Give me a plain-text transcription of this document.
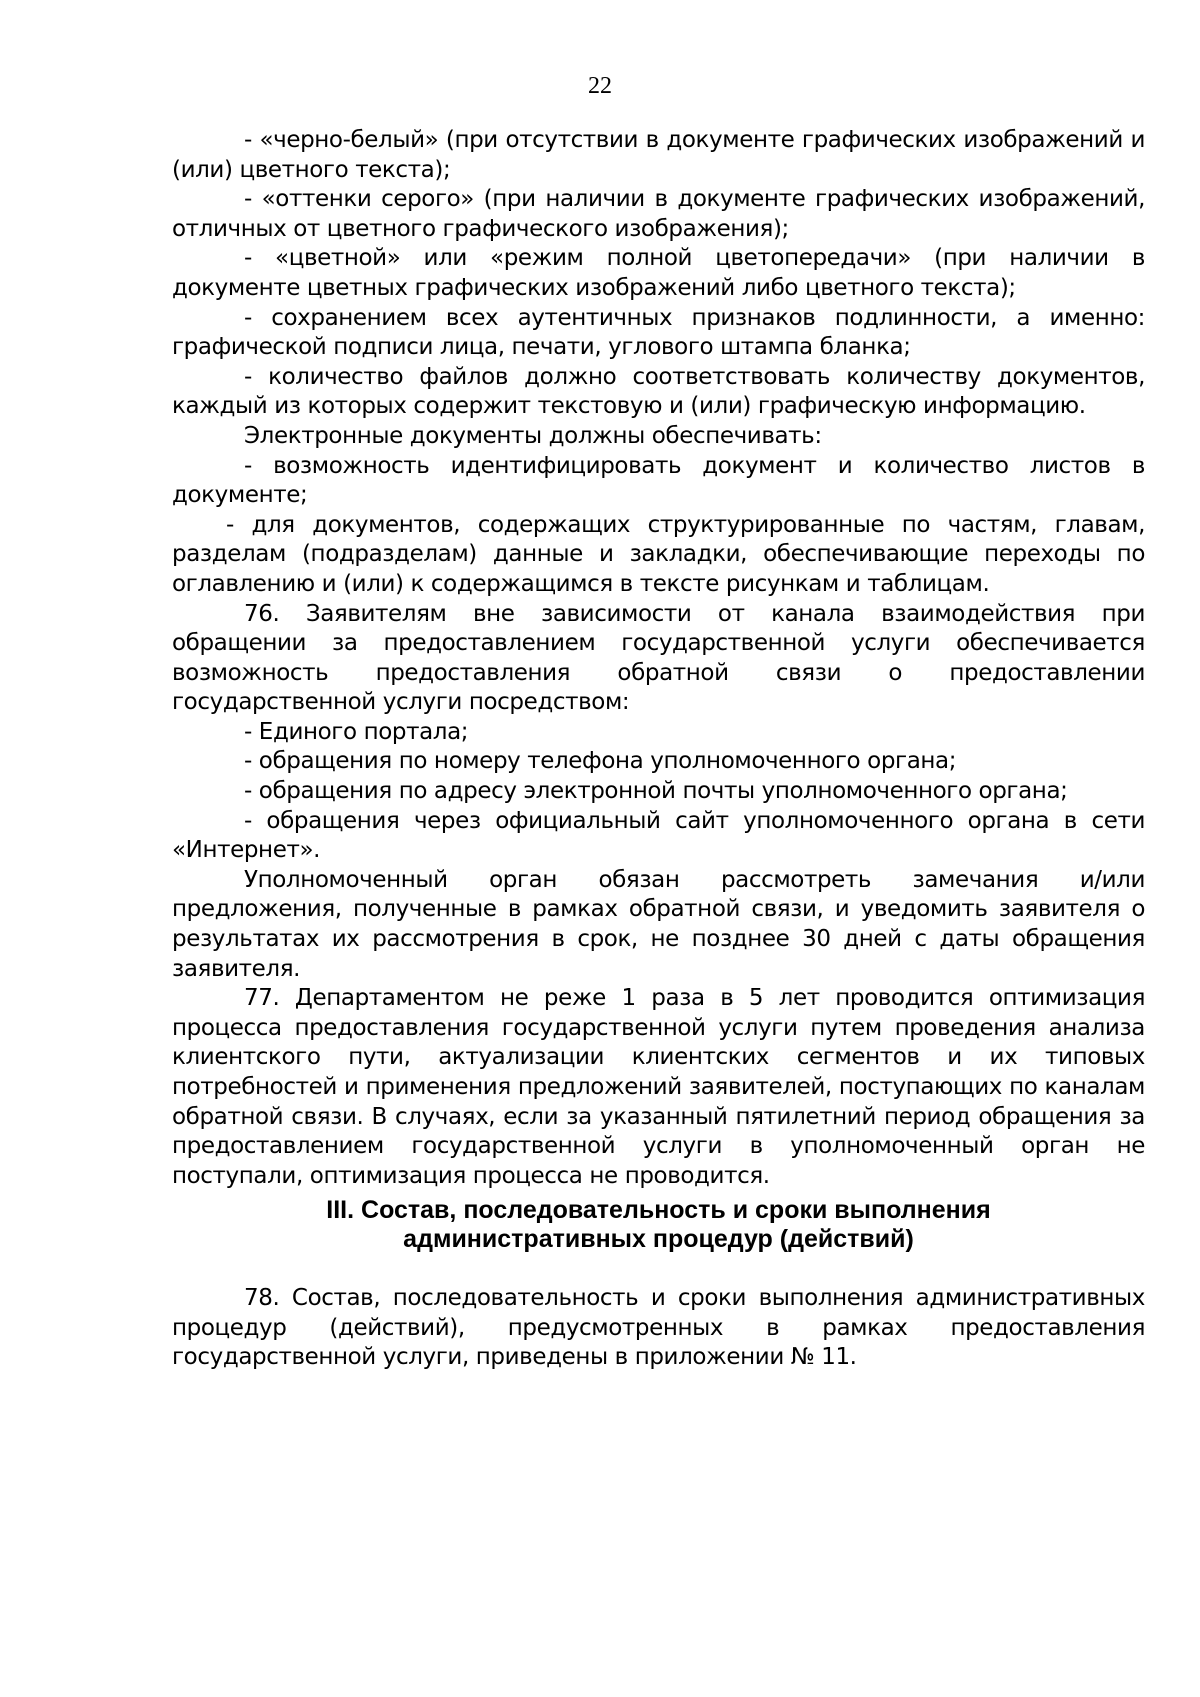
22

- «черно-белый» (при отсутствии в документе графических изображений и (или) цветного текста);

- «оттенки серого» (при наличии в документе графических изображений, отличных от цветного графического изображения);

- «цветной» или «режим полной цветопередачи» (при наличии в документе цветных графических изображений либо цветного текста);

- сохранением всех аутентичных признаков подлинности, а именно: графической подписи лица, печати, углового штампа бланка;

- количество файлов должно соответствовать количеству документов, каждый из которых содержит текстовую и (или) графическую информацию.

Электронные документы должны обеспечивать:

- возможность идентифицировать документ и количество листов в документе;

- для документов, содержащих структурированные по частям, главам, разделам (подразделам) данные и закладки, обеспечивающие переходы по оглавлению и (или) к содержащимся в тексте рисункам и таблицам.

76. Заявителям вне зависимости от канала взаимодействия при обращении за предоставлением государственной услуги обеспечивается возможность предоставления обратной связи о предоставлении государственной услуги посредством:

- Единого портала;

- обращения по номеру телефона уполномоченного органа;

- обращения по адресу электронной почты уполномоченного органа;

- обращения через официальный сайт уполномоченного органа в сети «Интернет».

Уполномоченный орган обязан рассмотреть замечания и/или предложения, полученные в рамках обратной связи, и уведомить заявителя о результатах их рассмотрения в срок, не позднее 30 дней с даты обращения заявителя.

77. Департаментом не реже 1 раза в 5 лет проводится оптимизация процесса предоставления государственной услуги путем проведения анализа клиентского пути, актуализации клиентских сегментов и их типовых потребностей и применения предложений заявителей, поступающих по каналам обратной связи. В случаях, если за указанный пятилетний период обращения за предоставлением государственной услуги в уполномоченный орган не поступали, оптимизация процесса не проводится.

III. Состав, последовательность и сроки выполнения
административных процедур (действий)

78. Состав, последовательность и сроки выполнения административных процедур (действий), предусмотренных в рамках предоставления государственной услуги, приведены в приложении № 11.
